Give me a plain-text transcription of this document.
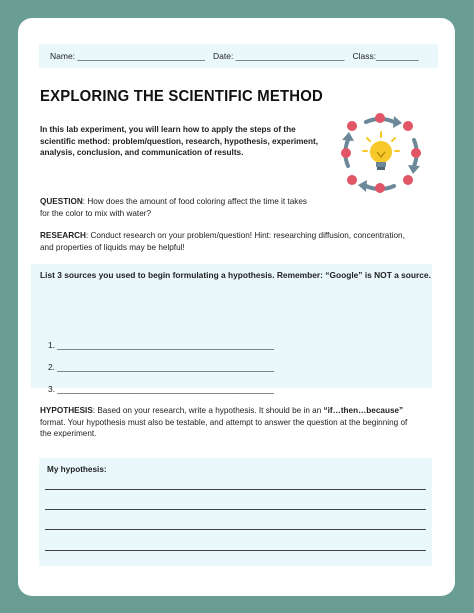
Name: ___________________________ Date: _______________________ Class:_________
EXPLORING THE SCIENTIFIC METHOD
In this lab experiment, you will learn how to apply the steps of the scientific method: problem/question, research, hypothesis, experiment, analysis, conclusion, and communication of results.
QUESTION: How does the amount of food coloring affect the time it takes for the color to mix with water?
RESEARCH: Conduct research on your problem/question! Hint: researching diffusion, concentration, and properties of liquids may be helpful!
List 3 sources you used to begin formulating a hypothesis. Remember: “Google” is NOT a source.
1. _______________________________________________
2. _______________________________________________
3. _______________________________________________
HYPOTHESIS: Based on your research, write a hypothesis. It should be in an “if…then…because” format. Your hypothesis must also be testable, and attempt to answer the question at the beginning of the experiment.
My hypothesis:
